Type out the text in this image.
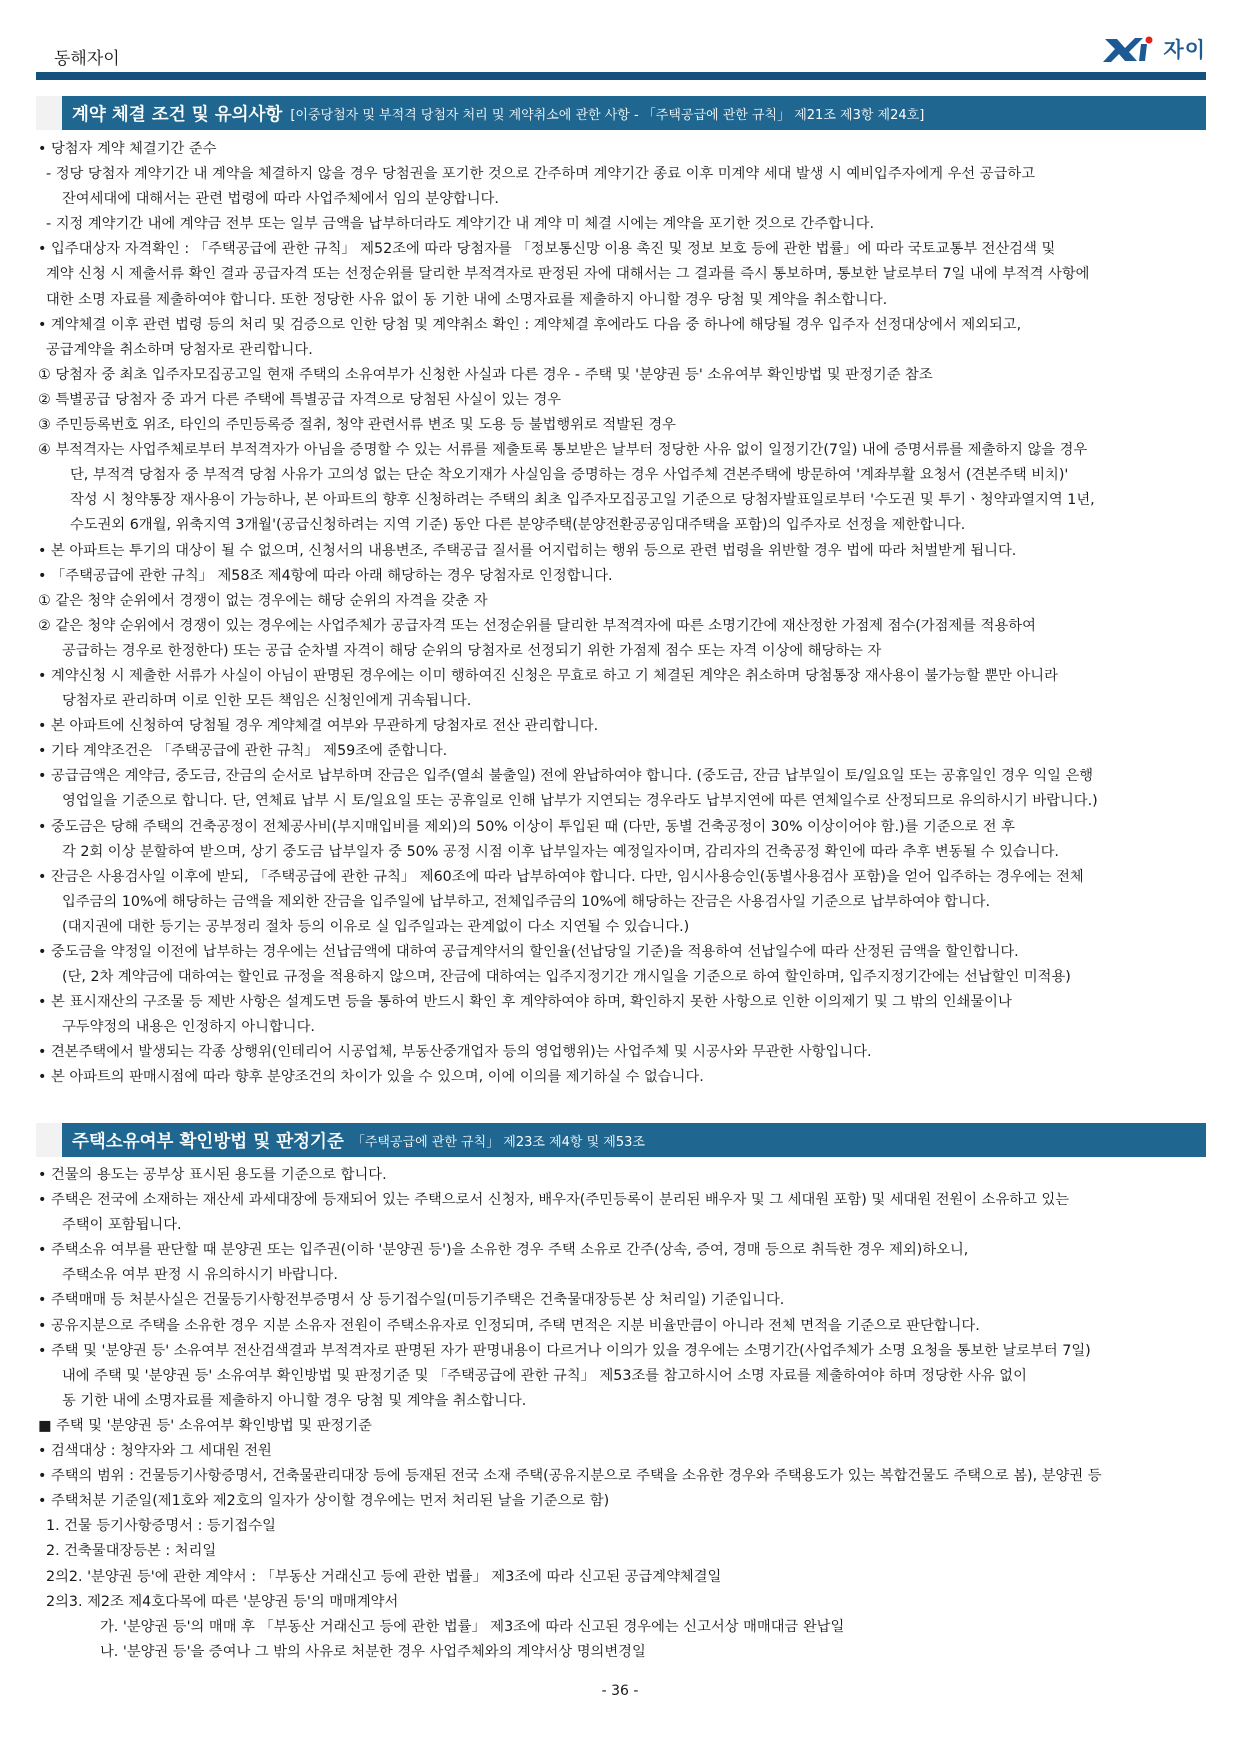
동해자이	자이
계약 체결 조건 및 유의사항 [이중당첨자 및 부적격 당첨자 처리 및 계약취소에 관한 사항 - 「주택공급에 관한 규칙」 제21조 제3항 제24호]
• 당첨자 계약 체결기간 준수
- 정당 당첨자 계약기간 내 계약을 체결하지 않을 경우 당첨권을 포기한 것으로 간주하며 계약기간 종료 이후 미계약 세대 발생 시 예비입주자에게 우선 공급하고
잔여세대에 대해서는 관련 법령에 따라 사업주체에서 임의 분양합니다.
- 지정 계약기간 내에 계약금 전부 또는 일부 금액을 납부하더라도 계약기간 내 계약 미 체결 시에는 계약을 포기한 것으로 간주합니다.
• 입주대상자 자격확인 : 「주택공급에 관한 규칙」 제52조에 따라 당첨자를 「정보통신망 이용 촉진 및 정보 보호 등에 관한 법률」에 따라 국토교통부 전산검색 및
계약 신청 시 제출서류 확인 결과 공급자격 또는 선정순위를 달리한 부적격자로 판정된 자에 대해서는 그 결과를 즉시 통보하며, 통보한 날로부터 7일 내에 부적격 사항에
대한 소명 자료를 제출하여야 합니다. 또한 정당한 사유 없이 동 기한 내에 소명자료를 제출하지 아니할 경우 당첨 및 계약을 취소합니다.
• 계약체결 이후 관련 법령 등의 처리 및 검증으로 인한 당첨 및 계약취소 확인 : 계약체결 후에라도 다음 중 하나에 해당될 경우 입주자 선정대상에서 제외되고,
공급계약을 취소하며 당첨자로 관리합니다.
① 당첨자 중 최초 입주자모집공고일 현재 주택의 소유여부가 신청한 사실과 다른 경우 - 주택 및 '분양권 등' 소유여부 확인방법 및 판정기준 참조
② 특별공급 당첨자 중 과거 다른 주택에 특별공급 자격으로 당첨된 사실이 있는 경우
③ 주민등록번호 위조, 타인의 주민등록증 절취, 청약 관련서류 변조 및 도용 등 불법행위로 적발된 경우
④ 부적격자는 사업주체로부터 부적격자가 아님을 증명할 수 있는 서류를 제출토록 통보받은 날부터 정당한 사유 없이 일정기간(7일) 내에 증명서류를 제출하지 않을 경우
단, 부적격 당첨자 중 부적격 당첨 사유가 고의성 없는 단순 착오기재가 사실임을 증명하는 경우 사업주체 견본주택에 방문하여 '계좌부활 요청서 (견본주택 비치)'
작성 시 청약통장 재사용이 가능하나, 본 아파트의 향후 신청하려는 주택의 최초 입주자모집공고일 기준으로 당첨자발표일로부터 '수도권 및 투기ㆍ청약과열지역 1년,
수도권외 6개월, 위축지역 3개월'(공급신청하려는 지역 기준) 동안 다른 분양주택(분양전환공공임대주택을 포함)의 입주자로 선정을 제한합니다.
• 본 아파트는 투기의 대상이 될 수 없으며, 신청서의 내용변조, 주택공급 질서를 어지럽히는 행위 등으로 관련 법령을 위반할 경우 법에 따라 처벌받게 됩니다.
• 「주택공급에 관한 규칙」 제58조 제4항에 따라 아래 해당하는 경우 당첨자로 인정합니다.
① 같은 청약 순위에서 경쟁이 없는 경우에는 해당 순위의 자격을 갖춘 자
② 같은 청약 순위에서 경쟁이 있는 경우에는 사업주체가 공급자격 또는 선정순위를 달리한 부적격자에 따른 소명기간에 재산정한 가점제 점수(가점제를 적용하여
공급하는 경우로 한정한다) 또는 공급 순차별 자격이 해당 순위의 당첨자로 선정되기 위한 가점제 점수 또는 자격 이상에 해당하는 자
• 계약신청 시 제출한 서류가 사실이 아님이 판명된 경우에는 이미 행하여진 신청은 무효로 하고 기 체결된 계약은 취소하며 당첨통장 재사용이 불가능할 뿐만 아니라
당첨자로 관리하며 이로 인한 모든 책임은 신청인에게 귀속됩니다.
• 본 아파트에 신청하여 당첨될 경우 계약체결 여부와 무관하게 당첨자로 전산 관리합니다.
• 기타 계약조건은 「주택공급에 관한 규칙」 제59조에 준합니다.
• 공급금액은 계약금, 중도금, 잔금의 순서로 납부하며 잔금은 입주(열쇠 불출일) 전에 완납하여야 합니다. (중도금, 잔금 납부일이 토/일요일 또는 공휴일인 경우 익일 은행
영업일을 기준으로 합니다. 단, 연체료 납부 시 토/일요일 또는 공휴일로 인해 납부가 지연되는 경우라도 납부지연에 따른 연체일수로 산정되므로 유의하시기 바랍니다.)
• 중도금은 당해 주택의 건축공정이 전체공사비(부지매입비를 제외)의 50% 이상이 투입된 때 (다만, 동별 건축공정이 30% 이상이어야 함.)를 기준으로 전 후
각 2회 이상 분할하여 받으며, 상기 중도금 납부일자 중 50% 공정 시점 이후 납부일자는 예정일자이며, 감리자의 건축공정 확인에 따라 추후 변동될 수 있습니다.
• 잔금은 사용검사일 이후에 받되, 「주택공급에 관한 규칙」 제60조에 따라 납부하여야 합니다. 다만, 임시사용승인(동별사용검사 포함)을 얻어 입주하는 경우에는 전체
입주금의 10%에 해당하는 금액을 제외한 잔금을 입주일에 납부하고, 전체입주금의 10%에 해당하는 잔금은 사용검사일 기준으로 납부하여야 합니다.
(대지권에 대한 등기는 공부정리 절차 등의 이유로 실 입주일과는 관계없이 다소 지연될 수 있습니다.)
• 중도금을 약정일 이전에 납부하는 경우에는 선납금액에 대하여 공급계약서의 할인율(선납당일 기준)을 적용하여 선납일수에 따라 산정된 금액을 할인합니다.
(단, 2차 계약금에 대하여는 할인료 규정을 적용하지 않으며, 잔금에 대하여는 입주지정기간 개시일을 기준으로 하여 할인하며, 입주지정기간에는 선납할인 미적용)
• 본 표시재산의 구조물 등 제반 사항은 설계도면 등을 통하여 반드시 확인 후 계약하여야 하며, 확인하지 못한 사항으로 인한 이의제기 및 그 밖의 인쇄물이나
구두약정의 내용은 인정하지 아니합니다.
• 견본주택에서 발생되는 각종 상행위(인테리어 시공업체, 부동산중개업자 등의 영업행위)는 사업주체 및 시공사와 무관한 사항입니다.
• 본 아파트의 판매시점에 따라 향후 분양조건의 차이가 있을 수 있으며, 이에 이의를 제기하실 수 없습니다.
주택소유여부 확인방법 및 판정기준 「주택공급에 관한 규칙」 제23조 제4항 및 제53조
• 건물의 용도는 공부상 표시된 용도를 기준으로 합니다.
• 주택은 전국에 소재하는 재산세 과세대장에 등재되어 있는 주택으로서 신청자, 배우자(주민등록이 분리된 배우자 및 그 세대원 포함) 및 세대원 전원이 소유하고 있는
주택이 포함됩니다.
• 주택소유 여부를 판단할 때 분양권 또는 입주권(이하 '분양권 등')을 소유한 경우 주택 소유로 간주(상속, 증여, 경매 등으로 취득한 경우 제외)하오니,
주택소유 여부 판정 시 유의하시기 바랍니다.
• 주택매매 등 처분사실은 건물등기사항전부증명서 상 등기접수일(미등기주택은 건축물대장등본 상 처리일) 기준입니다.
• 공유지분으로 주택을 소유한 경우 지분 소유자 전원이 주택소유자로 인정되며, 주택 면적은 지분 비율만큼이 아니라 전체 면적을 기준으로 판단합니다.
• 주택 및 '분양권 등' 소유여부 전산검색결과 부적격자로 판명된 자가 판명내용이 다르거나 이의가 있을 경우에는 소명기간(사업주체가 소명 요청을 통보한 날로부터 7일)
내에 주택 및 '분양권 등' 소유여부 확인방법 및 판정기준 및 「주택공급에 관한 규칙」 제53조를 참고하시어 소명 자료를 제출하여야 하며 정당한 사유 없이
동 기한 내에 소명자료를 제출하지 아니할 경우 당첨 및 계약을 취소합니다.
■ 주택 및 '분양권 등' 소유여부 확인방법 및 판정기준
• 검색대상 : 청약자와 그 세대원 전원
• 주택의 범위 : 건물등기사항증명서, 건축물관리대장 등에 등재된 전국 소재 주택(공유지분으로 주택을 소유한 경우와 주택용도가 있는 복합건물도 주택으로 봄), 분양권 등
• 주택처분 기준일(제1호와 제2호의 일자가 상이할 경우에는 먼저 처리된 날을 기준으로 함)
1. 건물 등기사항증명서 : 등기접수일
2. 건축물대장등본 : 처리일
2의2. '분양권 등'에 관한 계약서 : 「부동산 거래신고 등에 관한 법률」 제3조에 따라 신고된 공급계약체결일
2의3. 제2조 제4호다목에 따른 '분양권 등'의 매매계약서
가. '분양권 등'의 매매 후 「부동산 거래신고 등에 관한 법률」 제3조에 따라 신고된 경우에는 신고서상 매매대금 완납일
나. '분양권 등'을 증여나 그 밖의 사유로 처분한 경우 사업주체와의 계약서상 명의변경일
- 36 -
